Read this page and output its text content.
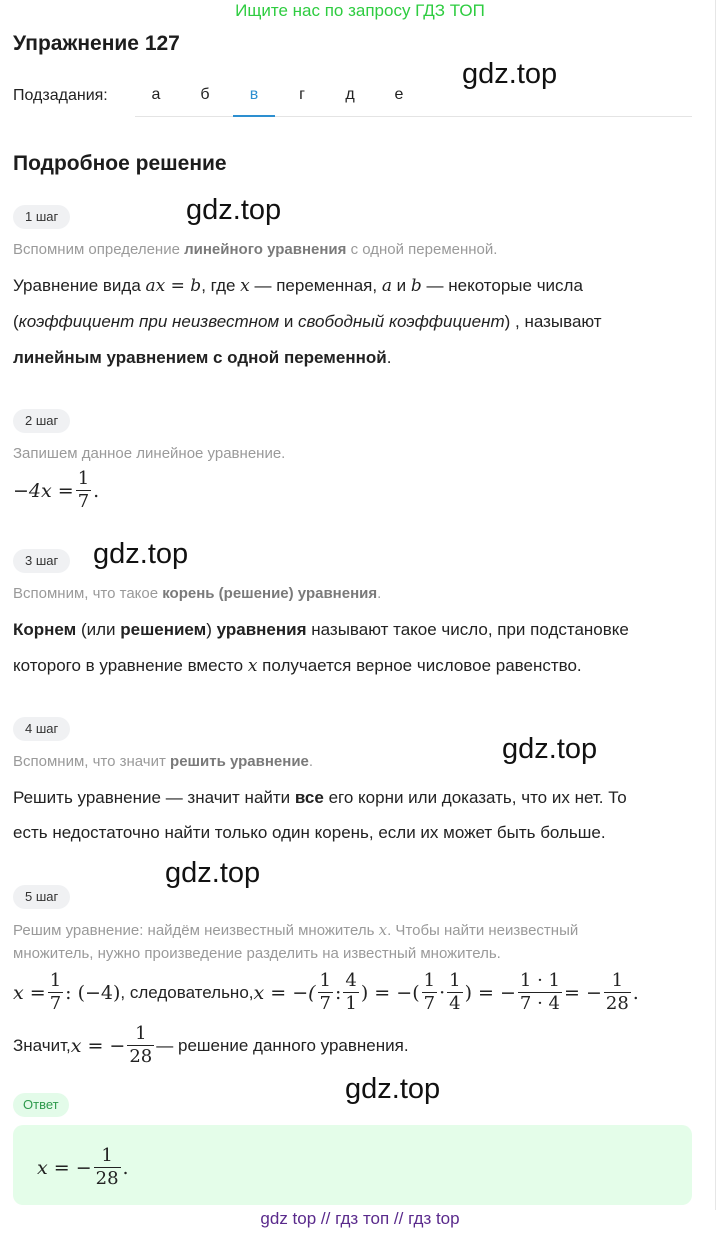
Ищите нас по запросу ГДЗ ТОП
Упражнение 127
gdz.top
Подзадания:	а	б	в	г	д	е
Подробное решение
1 шаг	gdz.top
Вспомним определение линейного уравнения с одной переменной.
Уравнение вида ax = b, где x — переменная, a и b — некоторые числа
(коэффициент при неизвестном и свободный коэффициент) , называют
линейным уравнением с одной переменной.
2 шаг
Запишем данное линейное уравнение.
$-4x = \frac{1}{7}$ .
3 шаг	gdz.top
Вспомним, что такое корень (решение) уравнения.
Корнем (или решением) уравнения называют такое число, при подстановке
которого в уравнение вместо x получается верное числовое равенство.
4 шаг
gdz.top
Вспомним, что значит решить уравнение.
Решить уравнение — значит найти все его корни или доказать, что их нет. То
есть недостаточно найти только один корень, если их может быть больше.
5 шаг
gdz.top
Решим уравнение: найдём неизвестный множитель x. Чтобы найти неизвестный
множитель, нужно произведение разделить на известный множитель.
$x = \frac{1}{7}$ : (−4) , следовательно, x = −( $\frac{1}{7}$ : $\frac{4}{1}$ ) = −( $\frac{1}{7} \cdot \frac{1}{4}$ ) = − $\frac{1 \cdot 1}{7 \cdot 4}$ = − $\frac{1}{28}$ .
Значит, x = − $\frac{1}{28}$ — решение данного уравнения.
gdz.top
Ответ
x = − $\frac{1}{28}$ .
gdz top // гдз топ // гдз top
